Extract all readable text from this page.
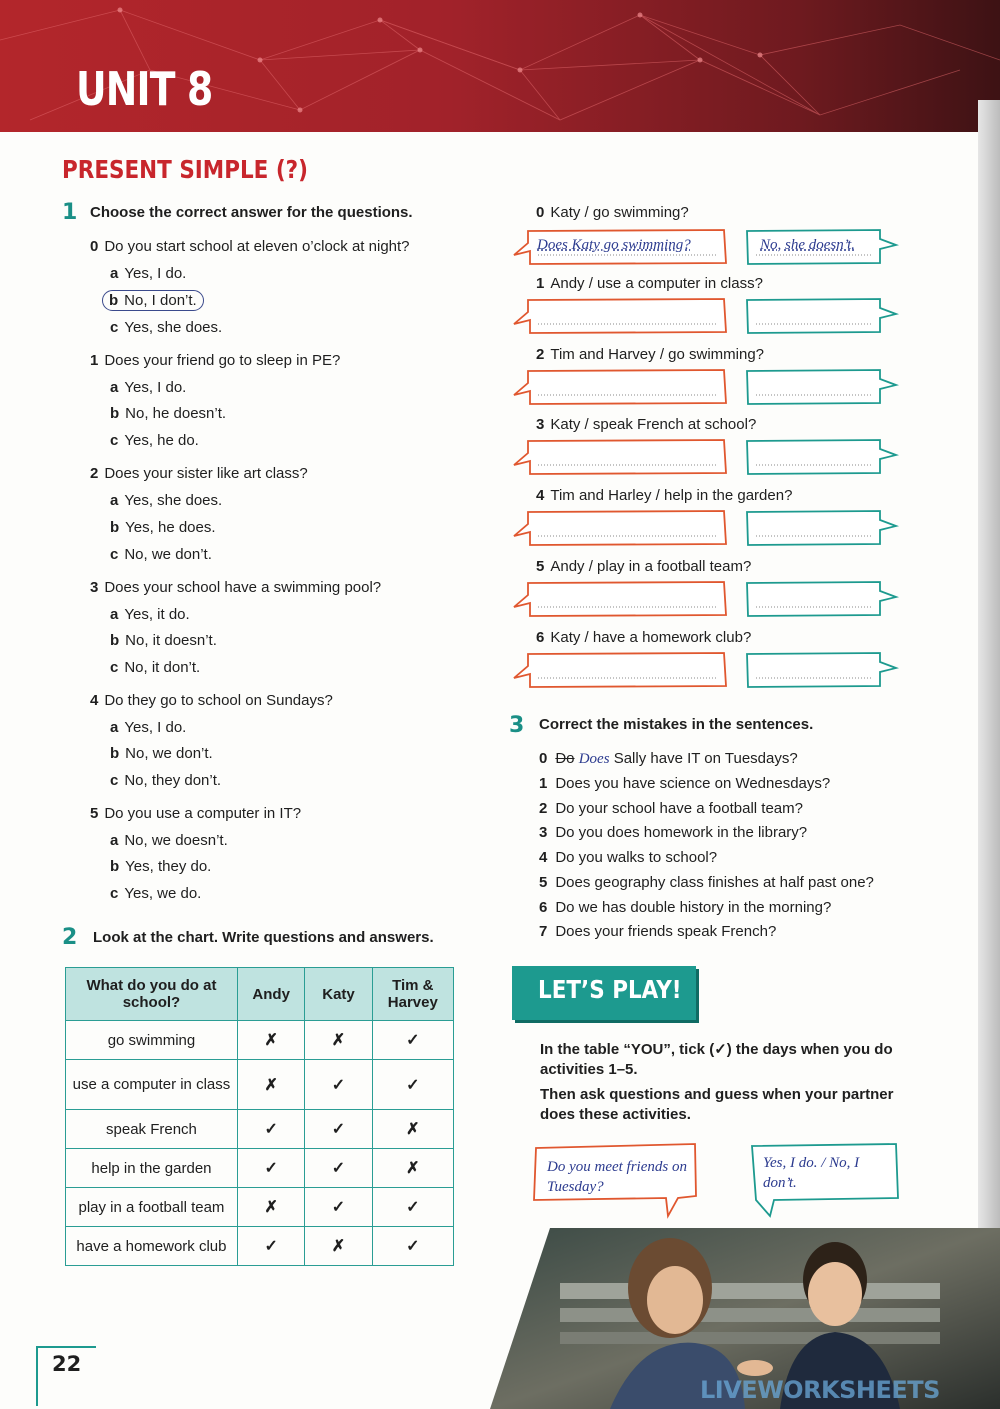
UNIT 8
PRESENT SIMPLE (?)
1 Choose the correct answer for the questions.
0 Do you start school at eleven o’clock at night?
a Yes, I do.
b No, I don’t.
c Yes, she does.
1 Does your friend go to sleep in PE?
a Yes, I do.
b No, he doesn’t.
c Yes, he do.
2 Does your sister like art class?
a Yes, she does.
b Yes, he does.
c No, we don’t.
3 Does your school have a swimming pool?
a Yes, it do.
b No, it doesn’t.
c No, it don’t.
4 Do they go to school on Sundays?
a Yes, I do.
b No, we don’t.
c No, they don’t.
5 Do you use a computer in IT?
a No, we doesn’t.
b Yes, they do.
c Yes, we do.
2 Look at the chart. Write questions and answers.
What do you do at school?	Andy	Katy	Tim & Harvey
go swimming	✗	✗	✓
use a computer in class	✗	✓	✓
speak French	✓	✓	✗
help in the garden	✓	✓	✗
play in a football team	✗	✓	✓
have a homework club	✓	✗	✓
0 Katy / go swimming?
Does Katy go swimming?	No, she doesn’t.
1 Andy / use a computer in class?
2 Tim and Harvey / go swimming?
3 Katy / speak French at school?
4 Tim and Harley / help in the garden?
5 Andy / play in a football team?
6 Katy / have a homework club?
3 Correct the mistakes in the sentences.
0 Do Does Sally have IT on Tuesdays?
1 Does you have science on Wednesdays?
2 Do your school have a football team?
3 Do you does homework in the library?
4 Do you walks to school?
5 Does geography class finishes at half past one?
6 Do we has double history in the morning?
7 Does your friends speak French?
LET’S PLAY!
In the table “YOU”, tick (✓) the days when you do activities 1–5.
Then ask questions and guess when your partner does these activities.
Do you meet friends on Tuesday?
Yes, I do. / No, I don’t.
22
LIVEWORKSHEETS
